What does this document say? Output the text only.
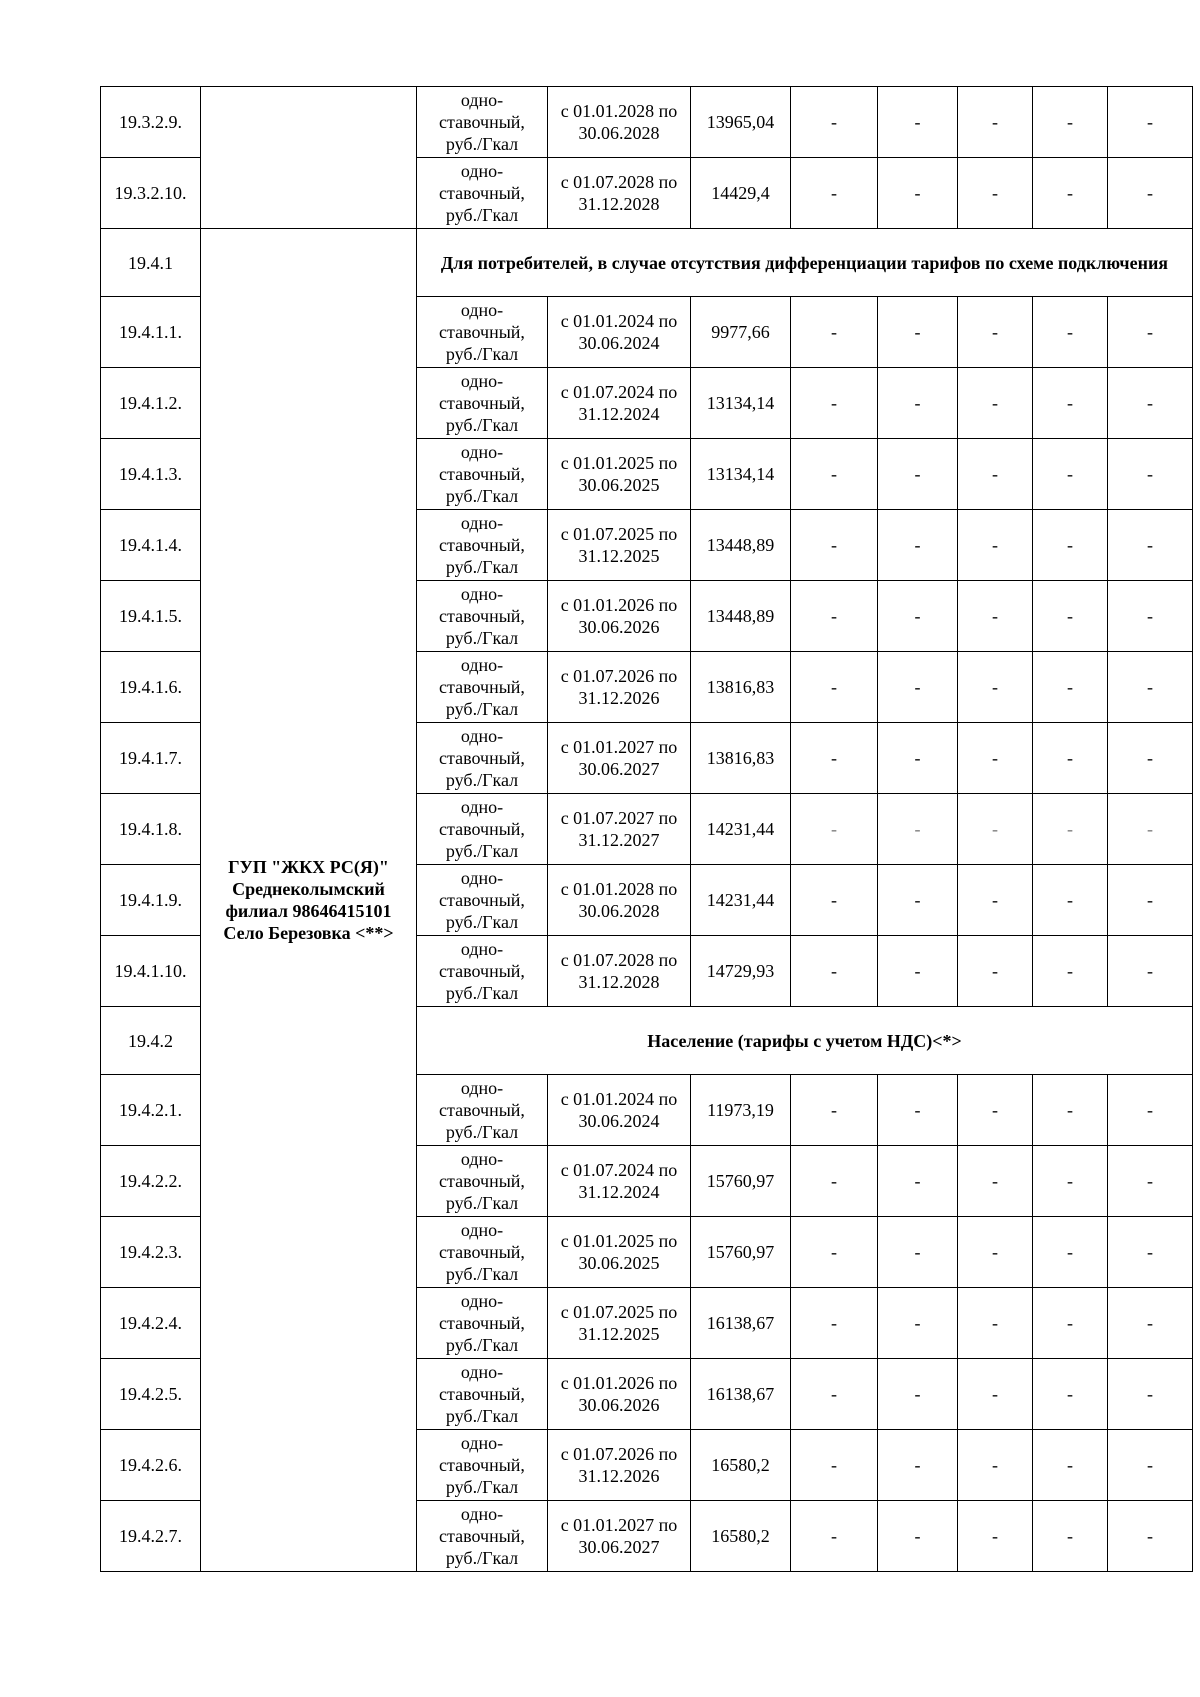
19.3.2.9.		одно-ставочный, руб./Гкал	с 01.01.2028 по 30.06.2028	13965,04	-	-	-	-	-
19.3.2.10.		одно-ставочный, руб./Гкал	с 01.07.2028 по 31.12.2028	14429,4	-	-	-	-	-
19.4.1	ГУП "ЖКХ РС(Я)" Среднеколымский филиал 98646415101 Село Березовка <**>	Для потребителей, в случае отсутствия дифференциации тарифов по схеме подключения							
19.4.1.1.		одно-ставочный, руб./Гкал	с 01.01.2024 по 30.06.2024	9977,66	-	-	-	-	-
19.4.1.2.		одно-ставочный, руб./Гкал	с 01.07.2024 по 31.12.2024	13134,14	-	-	-	-	-
19.4.1.3.		одно-ставочный, руб./Гкал	с 01.01.2025 по 30.06.2025	13134,14	-	-	-	-	-
19.4.1.4.		одно-ставочный, руб./Гкал	с 01.07.2025 по 31.12.2025	13448,89	-	-	-	-	-
19.4.1.5.		одно-ставочный, руб./Гкал	с 01.01.2026 по 30.06.2026	13448,89	-	-	-	-	-
19.4.1.6.		одно-ставочный, руб./Гкал	с 01.07.2026 по 31.12.2026	13816,83	-	-	-	-	-
19.4.1.7.		одно-ставочный, руб./Гкал	с 01.01.2027 по 30.06.2027	13816,83	-	-	-	-	-
19.4.1.8.		одно-ставочный, руб./Гкал	с 01.07.2027 по 31.12.2027	14231,44	-	-	-	-	-
19.4.1.9.		одно-ставочный, руб./Гкал	с 01.01.2028 по 30.06.2028	14231,44	-	-	-	-	-
19.4.1.10.		одно-ставочный, руб./Гкал	с 01.07.2028 по 31.12.2028	14729,93	-	-	-	-	-
19.4.2		Население (тарифы с учетом НДС)<*>							
19.4.2.1.		одно-ставочный, руб./Гкал	с 01.01.2024 по 30.06.2024	11973,19	-	-	-	-	-
19.4.2.2.		одно-ставочный, руб./Гкал	с 01.07.2024 по 31.12.2024	15760,97	-	-	-	-	-
19.4.2.3.		одно-ставочный, руб./Гкал	с 01.01.2025 по 30.06.2025	15760,97	-	-	-	-	-
19.4.2.4.		одно-ставочный, руб./Гкал	с 01.07.2025 по 31.12.2025	16138,67	-	-	-	-	-
19.4.2.5.		одно-ставочный, руб./Гкал	с 01.01.2026 по 30.06.2026	16138,67	-	-	-	-	-
19.4.2.6.		одно-ставочный, руб./Гкал	с 01.07.2026 по 31.12.2026	16580,2	-	-	-	-	-
19.4.2.7.		одно-ставочный, руб./Гкал	с 01.01.2027 по 30.06.2027	16580,2	-	-	-	-	-
